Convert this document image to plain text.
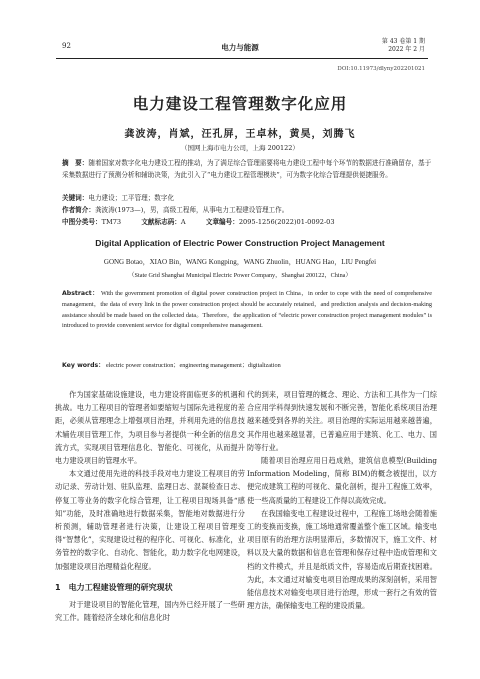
92	电力与能源
第 43 卷第 1 期
2022 年 2 月
DOI:10.11973/dlyny202201021
电力建设工程管理数字化应用
龚波涛，肖斌，汪孔屏，王卓林，黄昊，刘腾飞
（国网上海市电力公司，上海 200122）
摘　要：随着国家对数字化电力建设工程的推动，为了满足综合管理需要将电力建设工程中每个环节的数据进行准确留存，基于采集数据进行了预测分析和辅助决策，为此引入了“电力建设工程管理模块”，可为数字化综合管理提供便捷服务。
关键词：电力建设；工平管理；数字化
作者简介：龚波涛(1973—)，男，高级工程师，从事电力工程建设管理工作。
中图分类号：TM73	文献标志码：A	文章编号：2095-1256(2022)01-0092-03
Digital Application of Electric Power Construction Project Management
GONG Botao，XIAO Bin，WANG Kongping，WANG Zhuolin，HUANG Hao，LIU Pengfei
（State Grid Shanghai Municipal Electric Power Company，Shanghai 200122，China）
Abstract： With the government promotion of digital power construction project in China，in order to cope with the need of comprehensive management，the data of every link in the power construction project should be accurately retained，and prediction analysis and decision-making assistance should be made based on the collected data。Therefore，the application of “electric power construction project management modules” is introduced to provide convenient service for digital comprehensive management.
Key words： electric power construction；engineering management；digitalization

作为国家基础设施建设，电力建设将面临更多的机遇和挑战。电力工程项目的管理者如要缩短与国际先进程度的差距，必须从管理理念上增强项目治理，并利用先进的信息技术辅佐项目管理工作，为项目参与者提供一种全新的信息交流方式，实现项目管理信息化、智能化、可视化，从而提升电力建设项目的管理水平。

本文通过使用先进的科技手段对电力建设工程项目的劳动记录、劳动计划、驻队监理、监理日志、混凝检查日志、停复工等业务的数字化综合管理，让工程项目现场具备“感知”功能，及时准确地进行数据采集，智能地对数据进行分析预测，辅助管理者进行决策，让建设工程项目管理变得“智慧化”，实现建设过程的程序化、可视化、标准化，业务管控的数字化、自动化、智能化，助力数字化电网建设，加强建设项目治理精益化程度。

1　电力工程建设管理的研究现状

对于建设项目的智能化管理，国内外已经开展了一些研究工作。随着经济全球化和信息化时

代的到来，项目管理的概念、理论、方法和工具作为一门综合应用学科得到快速发展和不断完善，智能化系统项目治理越来越受到各界的关注。项目治理的实际运用越来越普遍，其作用也越来越显著，已普遍应用于建筑、化工、电力、国防等行业。

随着项目治理应用日趋成熟，建筑信息模型(Building Information Modeling，简称 BIM)的概念被提出，以方便完成建筑工程的可视化、量化剖析，提升工程施工效率，使一些高质量的工程建设工作得以高效完成。

在我国输变电工程建设过程中，工程施工场地会随着施工的变换而变换，施工场地通常覆盖整个施工区域。输变电项目原有的治理方法明显滞后，多数情况下，施工文件、材料以及大量的数据和信息在管理和保存过程中造成管理和文档的文件模式，并且是纸质文件，容易造成后期查找困难。为此，本文通过对输变电项目治理成果的深刻剖析，采用智能信息技术对输变电项目进行治理，形成一套行之有效的管理方法，确保输变电工程的建设质量。
